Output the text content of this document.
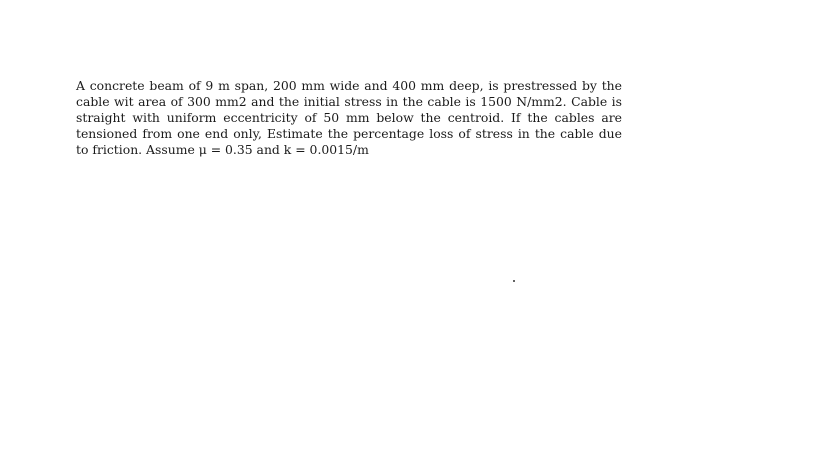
A concrete beam of 9 m span, 200 mm wide and 400 mm deep, is prestressed by the cable wit area of 300 mm2 and the initial stress in the cable is 1500 N/mm2. Cable is straight with uniform eccentricity of 50 mm below the centroid. If the cables are tensioned from one end only, Estimate the percentage loss of stress in the cable due to friction. Assume μ = 0.35 and k = 0.0015/m
